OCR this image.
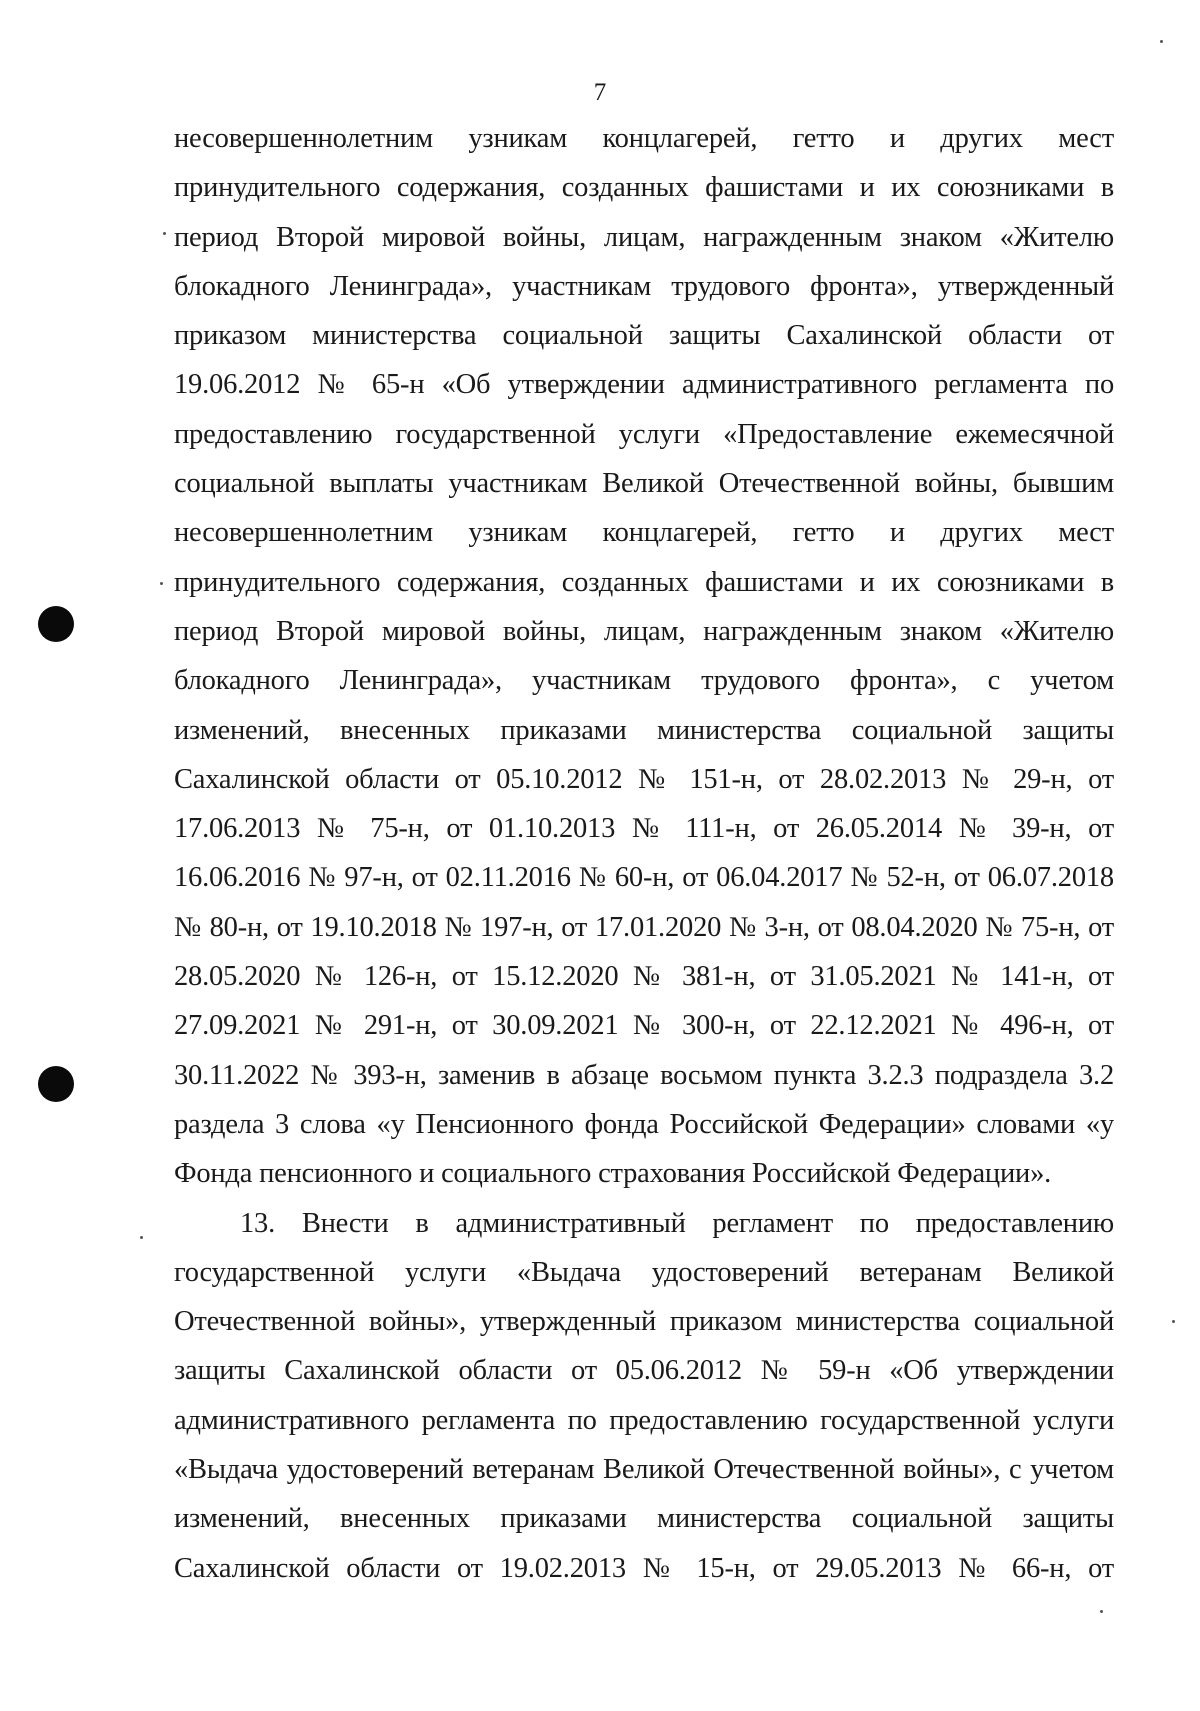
7
несовершеннолетним узникам концлагерей, гетто и других мест
принудительного содержания, созданных фашистами и их союзниками в
период Второй мировой войны, лицам, награжденным знаком «Жителю
блокадного Ленинграда», участникам трудового фронта», утвержденный
приказом министерства социальной защиты Сахалинской области от
19.06.2012 № 65-н «Об утверждении административного регламента по
предоставлению государственной услуги «Предоставление ежемесячной
социальной выплаты участникам Великой Отечественной войны, бывшим
несовершеннолетним узникам концлагерей, гетто и других мест
принудительного содержания, созданных фашистами и их союзниками в
период Второй мировой войны, лицам, награжденным знаком «Жителю
блокадного Ленинграда», участникам трудового фронта», с учетом
изменений, внесенных приказами министерства социальной защиты
Сахалинской области от 05.10.2012 № 151-н, от 28.02.2013 № 29-н, от
17.06.2013 № 75-н, от 01.10.2013 № 111-н, от 26.05.2014 № 39-н, от
16.06.2016 № 97-н, от 02.11.2016 № 60-н, от 06.04.2017 № 52-н, от 06.07.2018
№ 80-н, от 19.10.2018 № 197-н, от 17.01.2020 № 3-н, от 08.04.2020 № 75-н, от
28.05.2020 № 126-н, от 15.12.2020 № 381-н, от 31.05.2021 № 141-н, от
27.09.2021 № 291-н, от 30.09.2021 № 300-н, от 22.12.2021 № 496-н, от
30.11.2022 № 393-н, заменив в абзаце восьмом пункта 3.2.3 подраздела 3.2
раздела 3 слова «у Пенсионного фонда Российской Федерации» словами «у
Фонда пенсионного и социального страхования Российской Федерации».
13. Внести в административный регламент по предоставлению
государственной услуги «Выдача удостоверений ветеранам Великой
Отечественной войны», утвержденный приказом министерства социальной
защиты Сахалинской области от 05.06.2012 № 59-н «Об утверждении
административного регламента по предоставлению государственной услуги
«Выдача удостоверений ветеранам Великой Отечественной войны», с учетом
изменений, внесенных приказами министерства социальной защиты
Сахалинской области от 19.02.2013 № 15-н, от 29.05.2013 № 66-н, от
